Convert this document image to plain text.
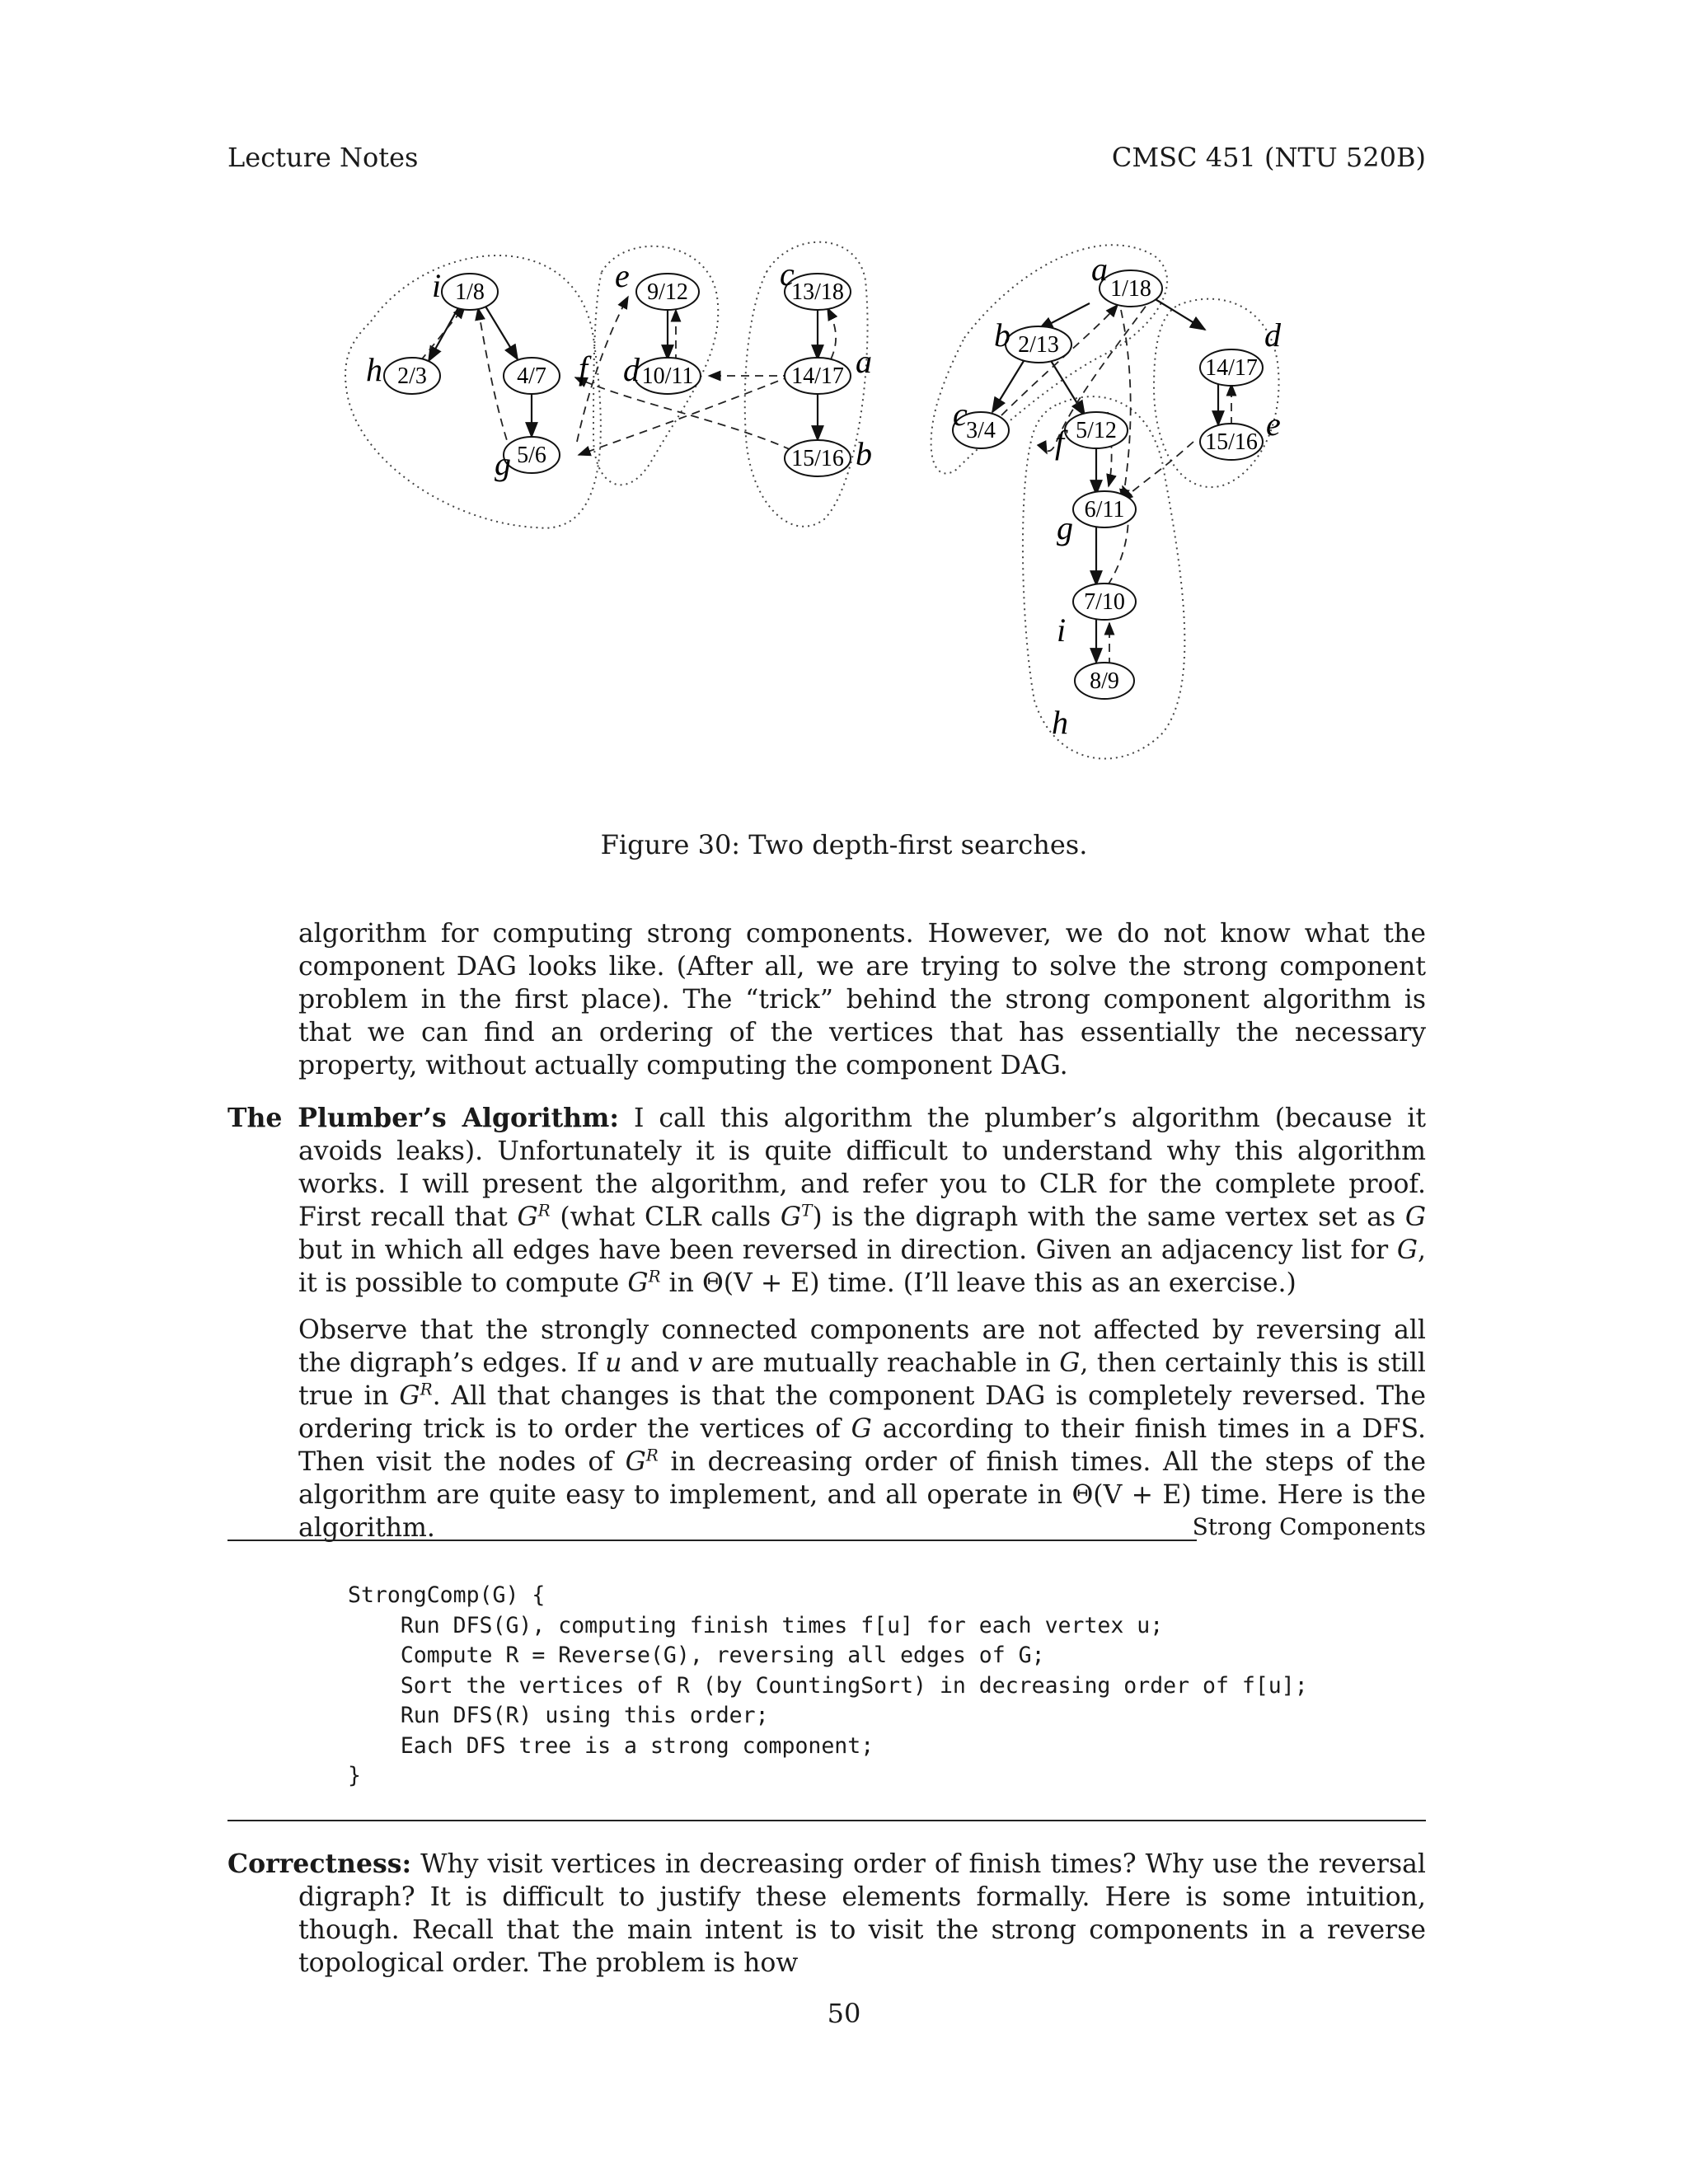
Lecture Notes	CMSC 451 (NTU 520B)
1/8
2/3	4/7
5/6
9/12
10/11
13/18
14/17
15/16
i
h	f
g
e
d
c
a
b
1/18
2/13
3/4	5/12
6/11
7/10
8/9
14/17
15/16
a
b
c
f
g
i
h
d
e
Figure 30: Two depth-first searches.
algorithm for computing strong components. However, we do not know what the component DAG looks like. (After all, we are trying to solve the strong component problem in the first place). The “trick” behind the strong component algorithm is that we can find an ordering of the vertices that has essentially the necessary property, without actually computing the component DAG.
The Plumber’s Algorithm: I call this algorithm the plumber’s algorithm (because it avoids leaks). Unfortunately it is quite difficult to understand why this algorithm works. I will present the algorithm, and refer you to CLR for the complete proof. First recall that $G^R$ (what CLR calls $G^T$) is the digraph with the same vertex set as G but in which all edges have been reversed in direction. Given an adjacency list for G, it is possible to compute $G^R$ in Θ(V + E) time. (I’ll leave this as an exercise.)
Observe that the strongly connected components are not affected by reversing all the digraph’s edges. If u and v are mutually reachable in G, then certainly this is still true in $G^R$. All that changes is that the component DAG is completely reversed. The ordering trick is to order the vertices of G according to their finish times in a DFS. Then visit the nodes of $G^R$ in decreasing order of finish times. All the steps of the algorithm are quite easy to implement, and all operate in Θ(V + E) time. Here is the algorithm.	Strong Components
StrongComp(G) {
Run DFS(G), computing finish times f[u] for each vertex u;
Compute R = Reverse(G), reversing all edges of G;
Sort the vertices of R (by CountingSort) in decreasing order of f[u];
Run DFS(R) using this order;
Each DFS tree is a strong component;
}
Correctness: Why visit vertices in decreasing order of finish times? Why use the reversal digraph? It is difficult to justify these elements formally. Here is some intuition, though. Recall that the main intent is to visit the strong components in a reverse topological order. The problem is how
50
